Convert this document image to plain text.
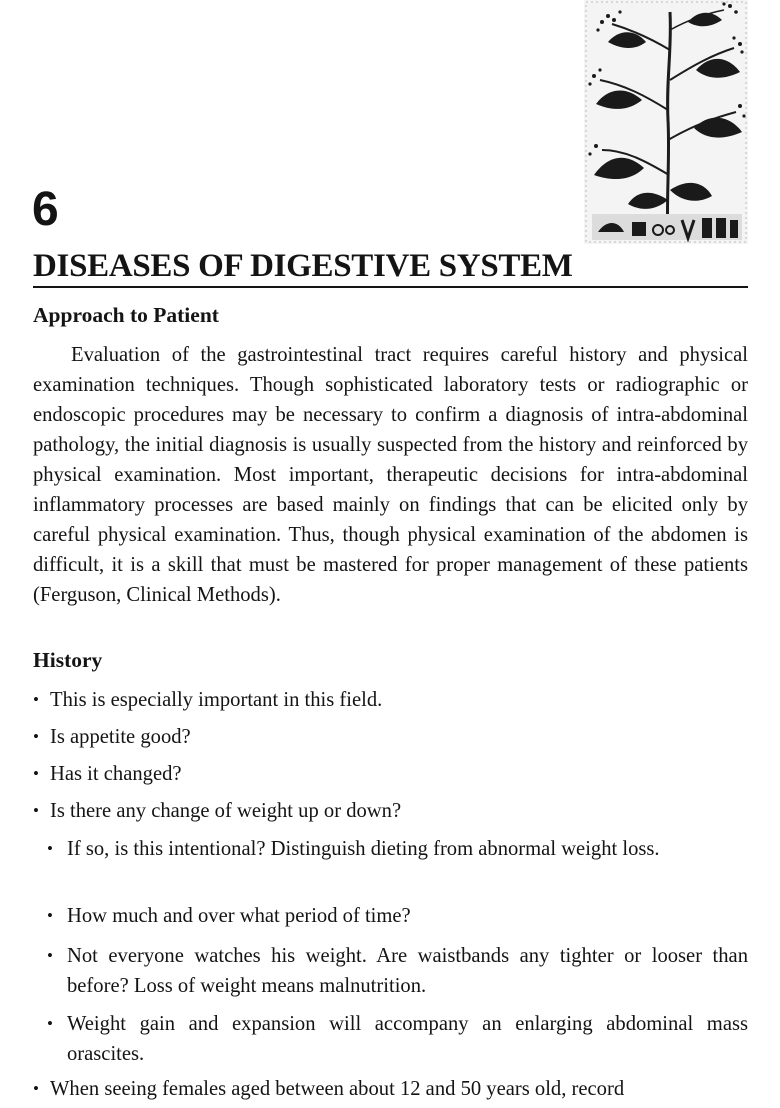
6
DISEASES OF DIGESTIVE SYSTEM
Approach to Patient

Evaluation of the gastrointestinal tract requires careful history and physical examination techniques. Though sophisticated laboratory tests or radiographic or endoscopic procedures may be necessary to confirm a diagnosis of intra-abdominal pathology, the initial diagnosis is usually suspected from the history and reinforced by physical examination. Most important, therapeutic decisions for intra-abdominal inflammatory processes are based mainly on findings that can be elicited only by careful physical examination. Thus, though physical examination of the abdomen is difficult, it is a skill that must be mastered for proper management of these patients (Ferguson, Clinical Methods).

History
• This is especially important in this field.
• Is appetite good?
• Has it changed?
• Is there any change of weight up or down?
• If so, is this intentional? Distinguish dieting from abnormal weight loss.
• How much and over what period of time?
• Not everyone watches his weight. Are waistbands any tighter or looser than before? Loss of weight means malnutrition.
• Weight gain and expansion will accompany an enlarging abdominal mass orascites.
• When seeing females aged between about 12 and 50 years old, record
